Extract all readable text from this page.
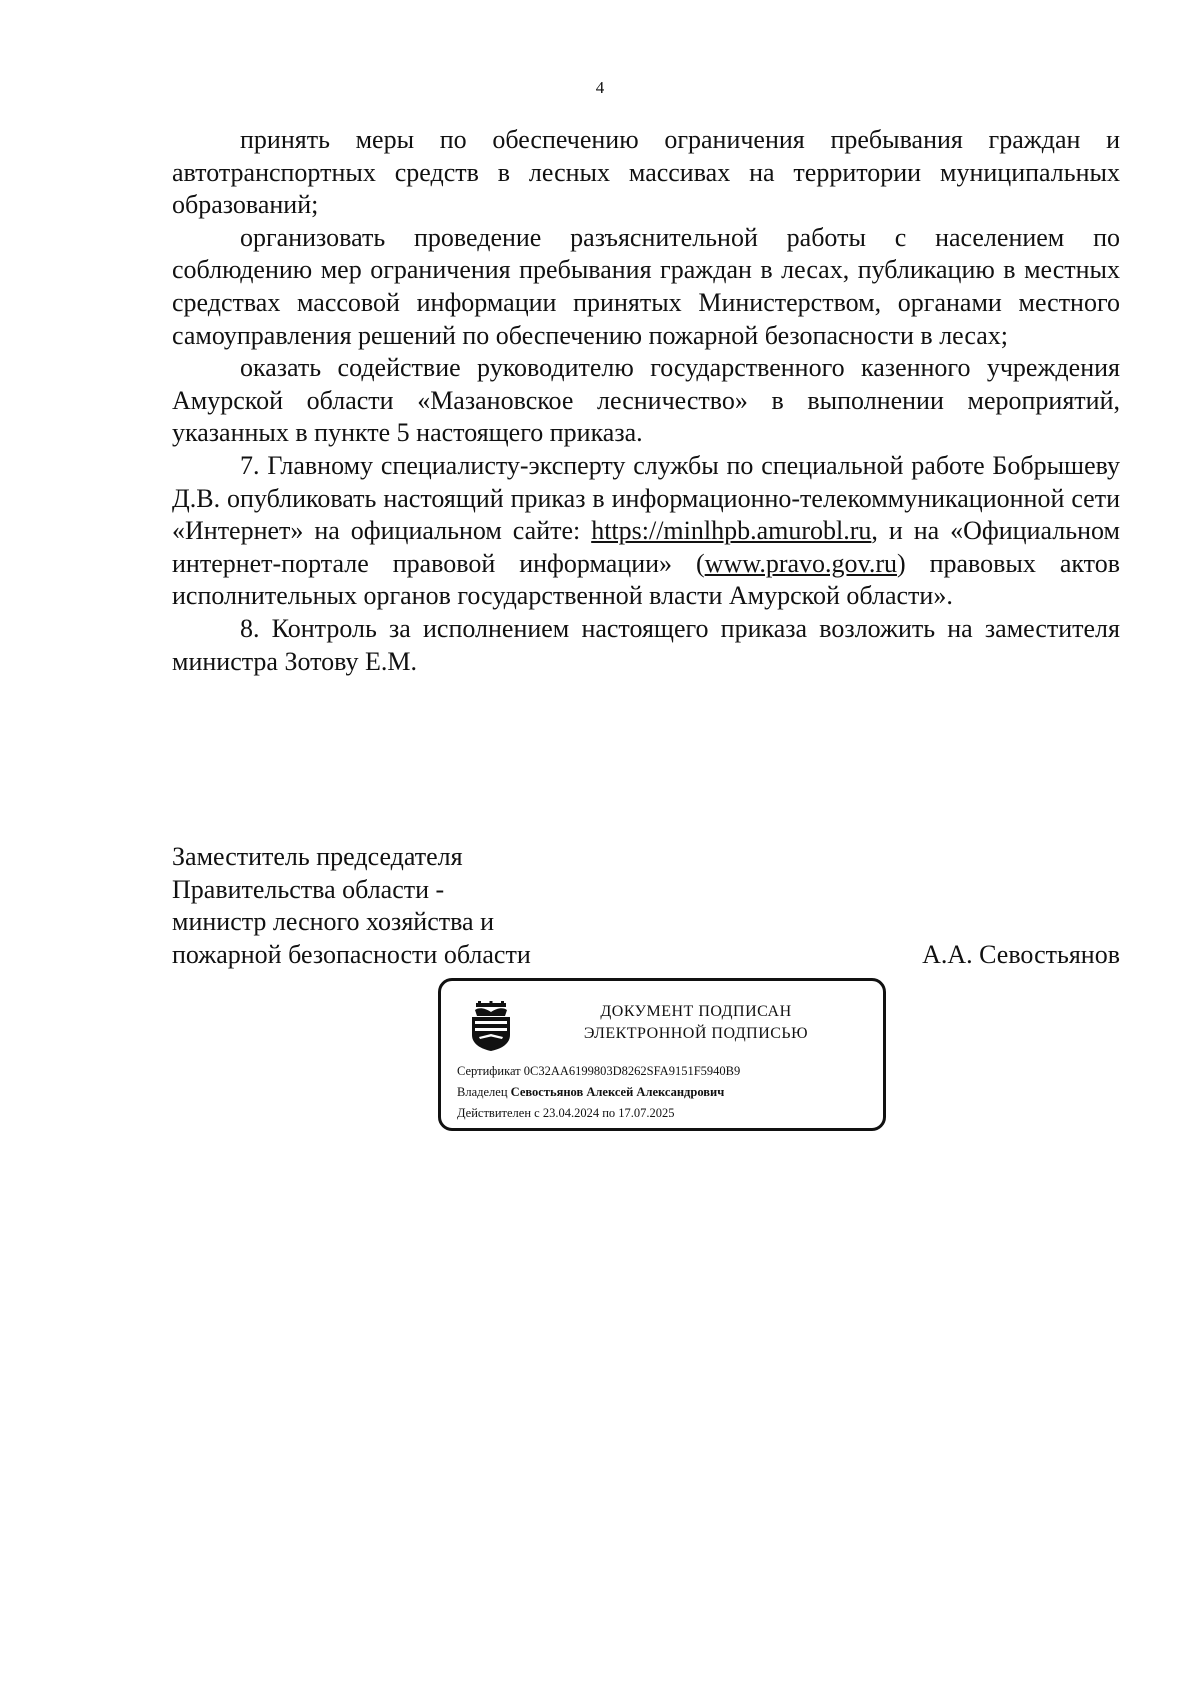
4

принять меры по обеспечению ограничения пребывания граждан и автотранспортных средств в лесных массивах на территории муниципальных образований;

организовать проведение разъяснительной работы с населением по соблюдению мер ограничения пребывания граждан в лесах, публикацию в местных средствах массовой информации принятых Министерством, органами местного самоуправления решений по обеспечению пожарной безопасности в лесах;

оказать содействие руководителю государственного казенного учреждения Амурской области «Мазановское лесничество» в выполнении мероприятий, указанных в пункте 5 настоящего приказа.

7. Главному специалисту-эксперту службы по специальной работе Бобрышеву Д.В. опубликовать настоящий приказ в информационно-телекоммуникационной сети «Интернет» на официальном сайте: https://minlhpb.amurobl.ru, и на «Официальном интернет-портале правовой информации» (www.pravo.gov.ru) правовых актов исполнительных органов государственной власти Амурской области».

8. Контроль за исполнением настоящего приказа возложить на заместителя министра Зотову Е.М.

Заместитель председателя
Правительства области -
министр лесного хозяйства и
пожарной безопасности области	А.А. Севостьянов
ДОКУМЕНТ ПОДПИСАН
ЭЛЕКТРОННОЙ ПОДПИСЬЮ
Сертификат 0C32AA6199803D8262SFA9151F5940B9
Владелец Севостьянов Алексей Александрович
Действителен с 23.04.2024 по 17.07.2025
